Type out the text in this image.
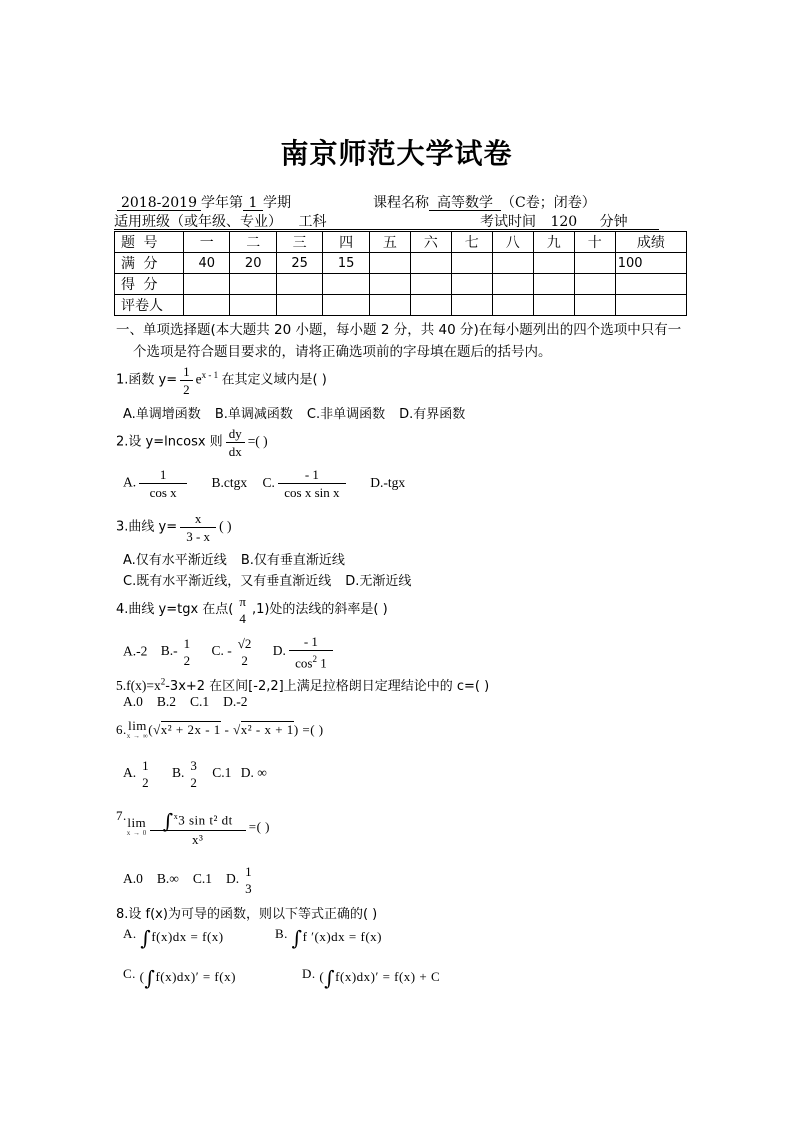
南京师范大学试卷
2018-2019 学年第 1 学期	课程名称 高等数学 （C卷；闭卷）
适用班级（或年级、专业） 工科	考试时间 120 分钟
题 号	一	二	三	四	五	六	七	八	九	十	成绩
满 分	40	20	25	15							100
得 分											
评卷人											
一、单项选择题(本大题共 20 小题，每小题 2 分，共 40 分)在每小题列出的四个选项中只有一
个选项是符合题目要求的，请将正确选项前的字母填在题后的括号内。
1.函数 $y= \frac{1}{2} e^{x - 1}$ 在其定义域内是( )
A.单调增函数 B.单调减函数 C.非单调函数 D.有界函数
2.设 y=lncosx 则 $\frac{dy}{dx}$ =( )
A. $\frac{1}{\text{cos x}}$ B.ctgx C. $\frac{- 1}{\text{cos x sin x}} D.-tgx$
3.曲线 $y= \frac{x}{3 - x}$ ( )
A.仅有水平渐近线 B.仅有垂直渐近线
C.既有水平渐近线，又有垂直渐近线 D.无渐近线
4.曲线 y=tgx 在点(
π
4
,1)处的法线的斜率是( )
A.-2 B.- 1
2
C. - √2
2
D. $\frac{- 1}{\cos^2 1}$
$5.f(x)=x^2-3x+2$ 在区间[-2,2]上满足拉格朗日定理结论中的 c=( )
A.0 B.2 C.1 D.-2
6. lim
x → ∞ (√x² + 2x - 1 - √x² - x + 1) =( )
A. 1
2
B. 3
2
C.1 D. ∞
7. lim
$x \to 0 \frac{\int^x3 \sin t^2 dt}{\text{x³}}$ =( )
A.0 B.∞ C.1 D. 1
3
8.设 f(x)为可导的函数，则以下等式正确的( )
A. ∫f(x)dx = f(x)	B. ∫f ′(x)dx = f(x)
C. (∫f(x)dx)′ = f(x)	D. (∫f(x)dx)′ = f(x) + C
